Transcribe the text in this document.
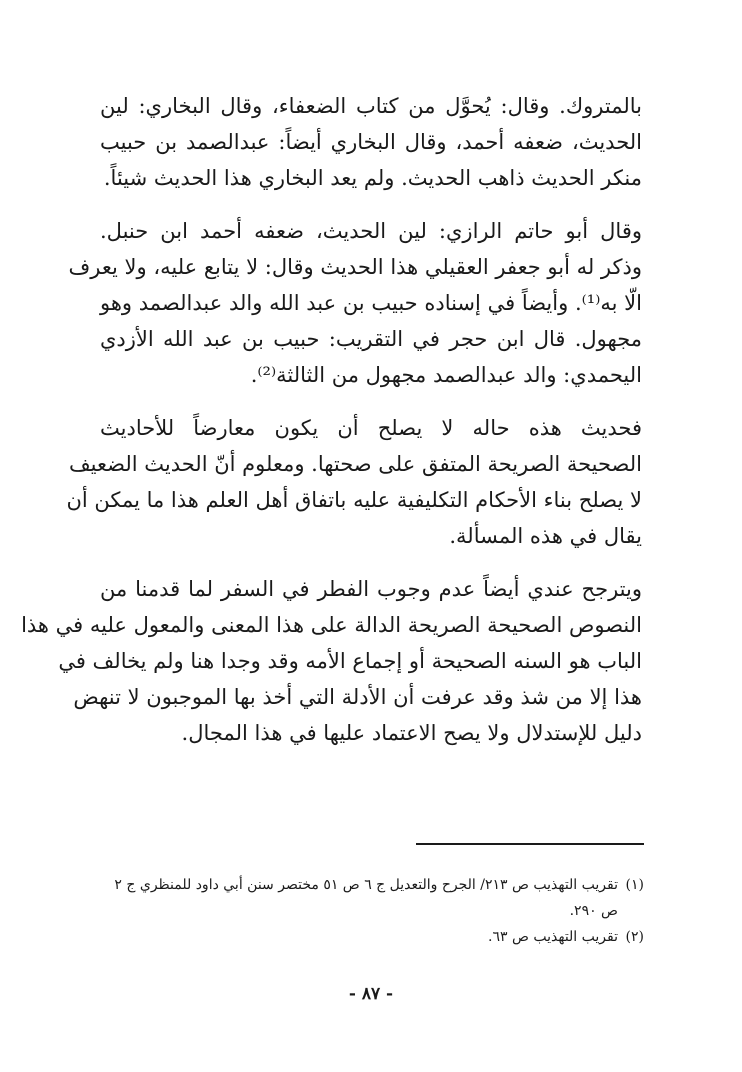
بالمتروك. وقال: يُحوَّل من كتاب الضعفاء، وقال البخاري: لين
الحديث، ضعفه أحمد، وقال البخاري أيضاً: عبدالصمد بن حبيب
منكر الحديث ذاهب الحديث. ولم يعد البخاري هذا الحديث شيئاً.

وقال أبو حاتم الرازي: لين الحديث، ضعفه أحمد ابن حنبل.
وذكر له أبو جعفر العقيلي هذا الحديث وقال: لا يتابع عليه، ولا يعرف
الّا به⁽¹⁾. وأيضاً في إسناده حبيب بن عبد الله والد عبدالصمد وهو
مجهول. قال ابن حجر في التقريب: حبيب بن عبد الله الأزدي
اليحمدي: والد عبدالصمد مجهول من الثالثة⁽²⁾.

فحديث هذه حاله لا يصلح أن يكون معارضاً للأحاديث
الصحيحة الصريحة المتفق على صحتها. ومعلوم أنّ الحديث الضعيف
لا يصلح بناء الأحكام التكليفية عليه باتفاق أهل العلم هذا ما يمكن أن
يقال في هذه المسألة.

ويترجح عندي أيضاً عدم وجوب الفطر في السفر لما قدمنا من
النصوص الصحيحة الصريحة الدالة على هذا المعنى والمعول عليه في هذا
الباب هو السنه الصحيحة أو إجماع الأمه وقد وجدا هنا ولم يخالف في
هذا إلا من شذ وقد عرفت أن الأدلة التي أخذ بها الموجبون لا تنهض
دليل للإستدلال ولا يصح الاعتماد عليها في هذا المجال.

(١)
تقريب التهذيب ص ٢١٣/ الجرح والتعديل ج ٦ ص ٥١ مختصر سنن أبي داود للمنظري ج ٢ ص ٢٩٠.

(٢)
تقريب التهذيب ص ٦٣.

- ٨٧ -
